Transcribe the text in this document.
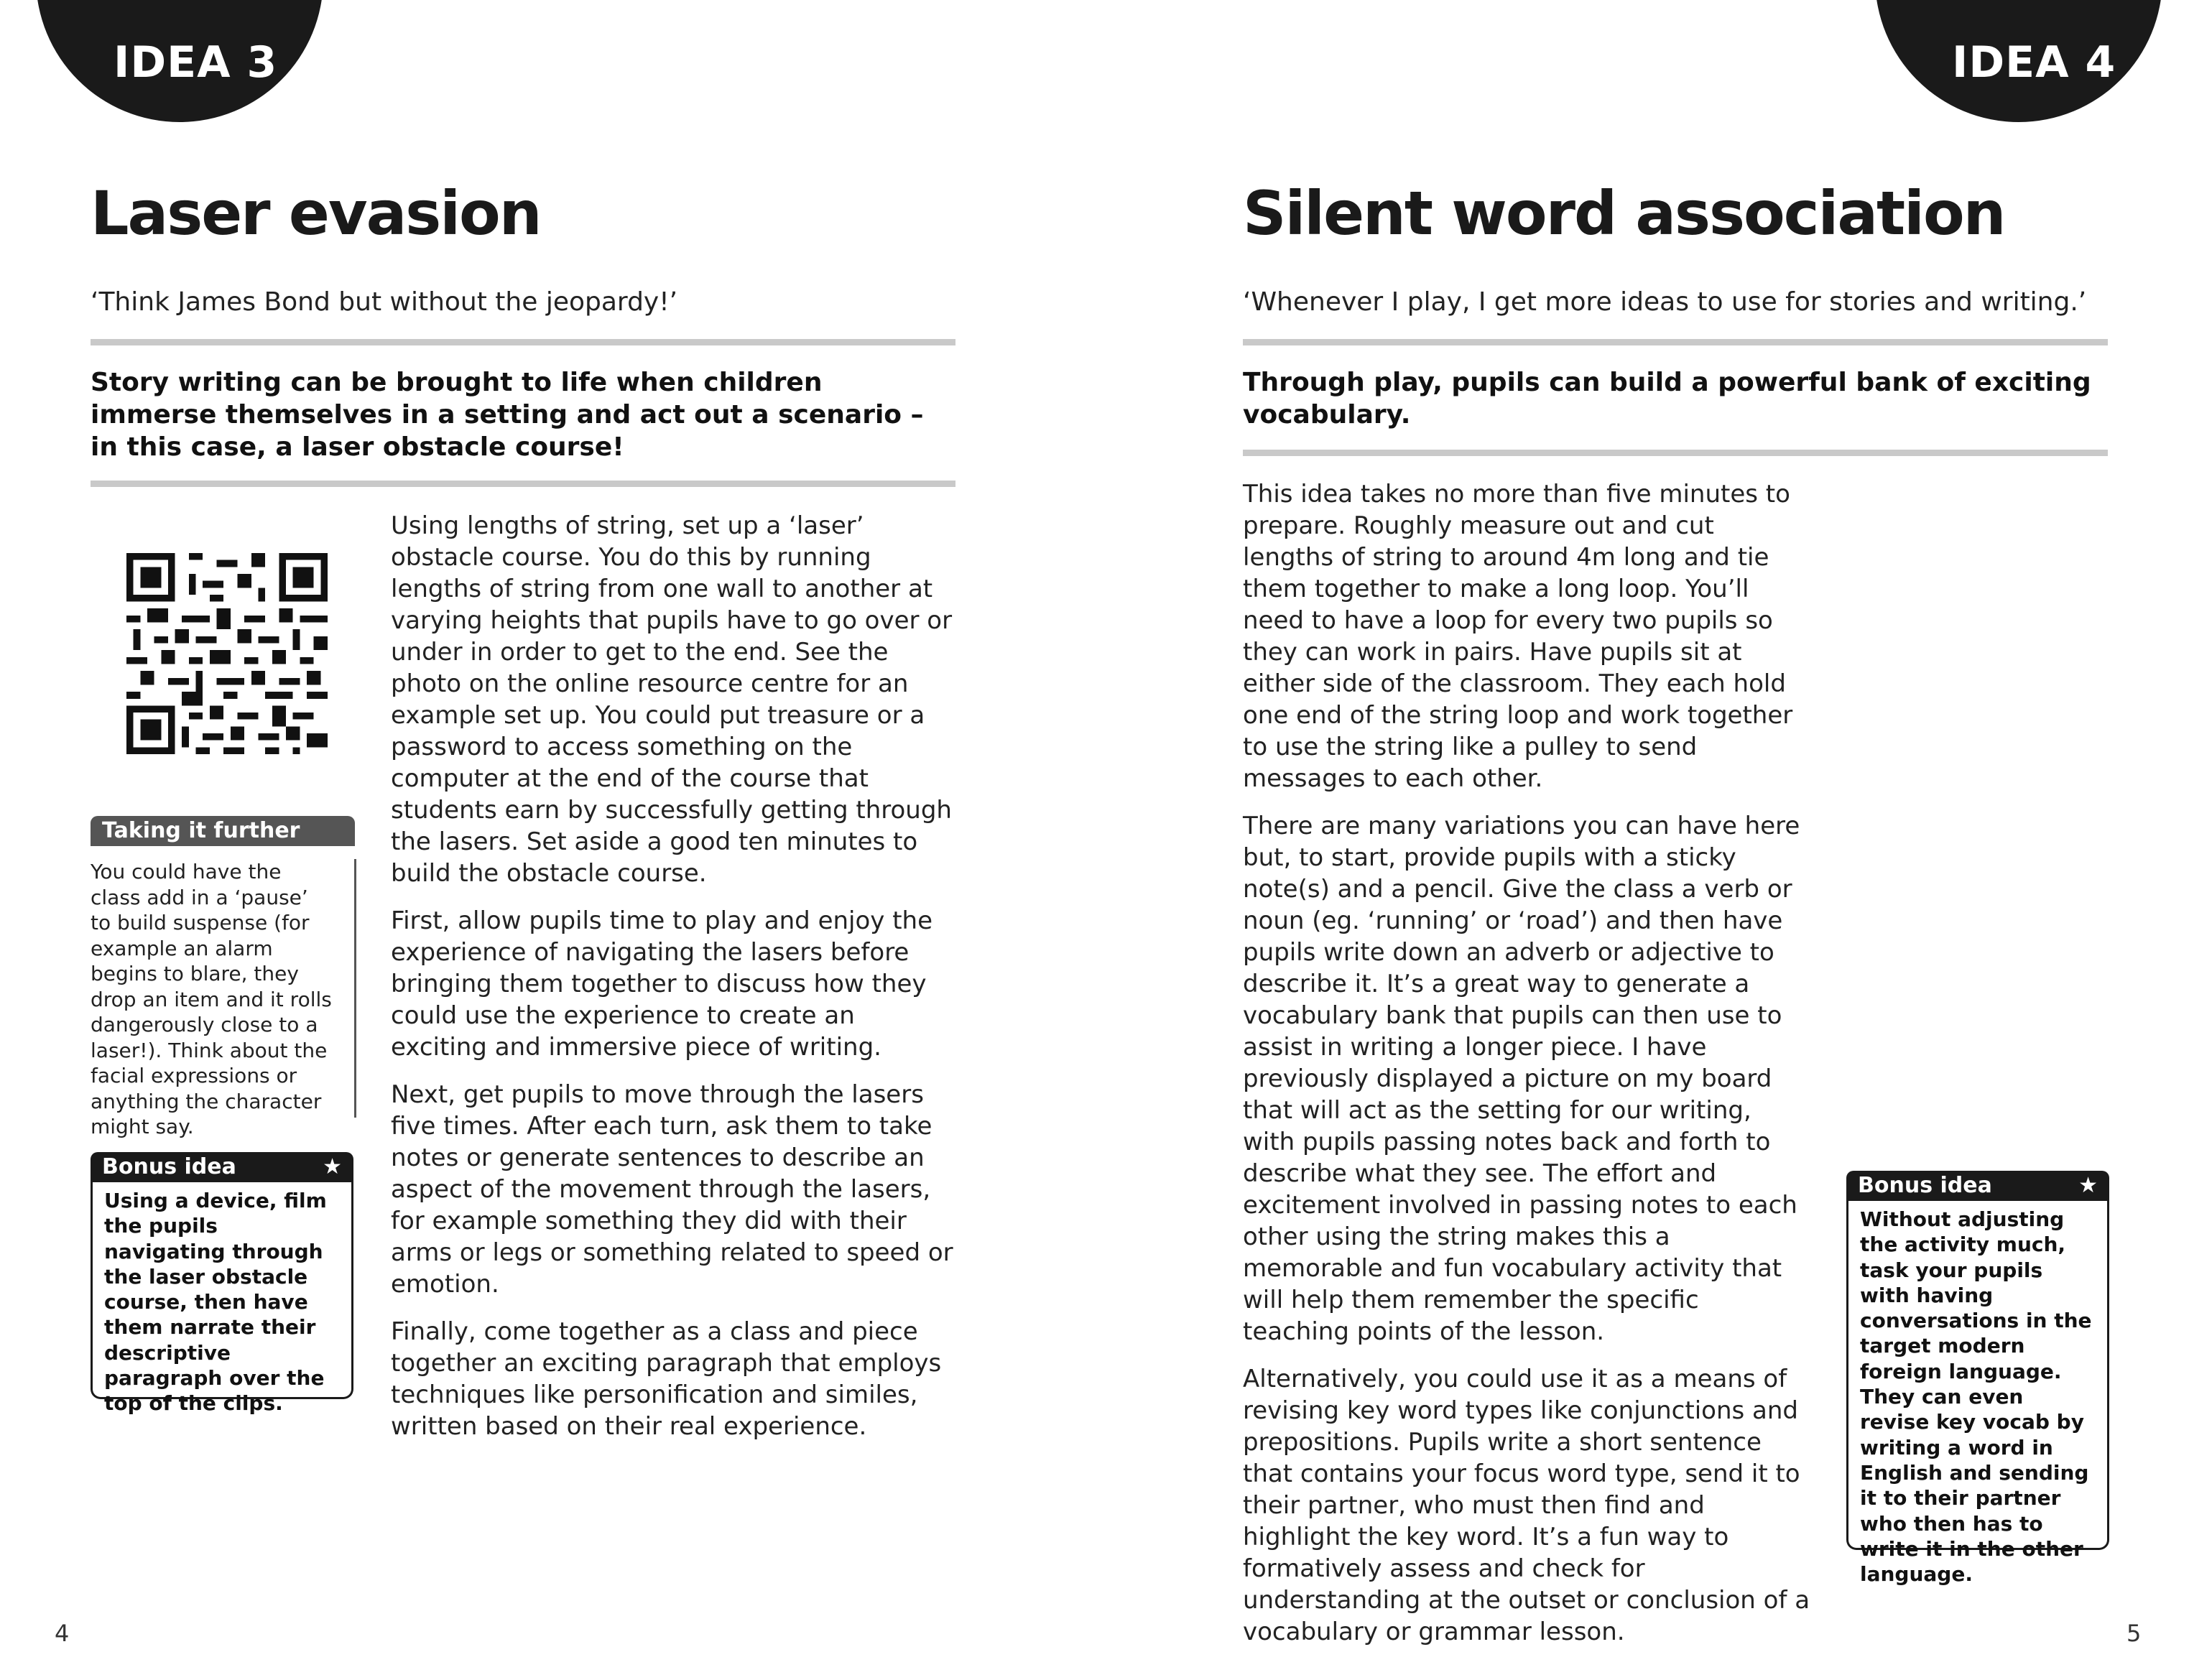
IDEA 3
Laser evasion
‘Think James Bond but without the jeopardy!’
Story writing can be brought to life when children immerse themselves in a setting and act out a scenario – in this case, a laser obstacle course!
Taking it further
You could have the class add in a ‘pause’ to build suspense (for example an alarm begins to blare, they drop an item and it rolls dangerously close to a laser!). Think about the facial expressions or anything the character might say.
Bonus idea	★
Using a device, film the pupils navigating through the laser obstacle course, then have them narrate their descriptive paragraph over the top of the clips.

Using lengths of string, set up a ‘laser’ obstacle course. You do this by running lengths of string from one wall to another at varying heights that pupils have to go over or under in order to get to the end. See the photo on the online resource centre for an example set up. You could put treasure or a password to access something on the computer at the end of the course that students earn by successfully getting through the lasers. Set aside a good ten minutes to build the obstacle course.

First, allow pupils time to play and enjoy the experience of navigating the lasers before bringing them together to discuss how they could use the experience to create an exciting and immersive piece of writing.

Next, get pupils to move through the lasers five times. After each turn, ask them to take notes or generate sentences to describe an aspect of the movement through the lasers, for example something they did with their arms or legs or something related to speed or emotion.

Finally, come together as a class and piece together an exciting paragraph that employs techniques like personification and similes, written based on their real experience.

4
IDEA 4
Silent word association
‘Whenever I play, I get more ideas to use for stories and writing.’
Through play, pupils can build a powerful bank of exciting vocabulary.

This idea takes no more than five minutes to prepare. Roughly measure out and cut lengths of string to around 4m long and tie them together to make a long loop. You’ll need to have a loop for every two pupils so they can work in pairs. Have pupils sit at either side of the classroom. They each hold one end of the string loop and work together to use the string like a pulley to send messages to each other.

There are many variations you can have here but, to start, provide pupils with a sticky note(s) and a pencil. Give the class a verb or noun (eg. ‘running’ or ‘road’) and then have pupils write down an adverb or adjective to describe it. It’s a great way to generate a vocabulary bank that pupils can then use to assist in writing a longer piece. I have previously displayed a picture on my board that will act as the setting for our writing, with pupils passing notes back and forth to describe what they see. The effort and excitement involved in passing notes to each other using the string makes this a memorable and fun vocabulary activity that will help them remember the specific teaching points of the lesson.

Alternatively, you could use it as a means of revising key word types like conjunctions and prepositions. Pupils write a short sentence that contains your focus word type, send it to their partner, who must then find and highlight the key word. It’s a fun way to formatively assess and check for understanding at the outset or conclusion of a vocabulary or grammar lesson.

Bonus idea	★
Without adjusting the activity much, task your pupils with having conversations in the target modern foreign language. They can even revise key vocab by writing a word in English and sending it to their partner who then has to write it in the other language.
5
